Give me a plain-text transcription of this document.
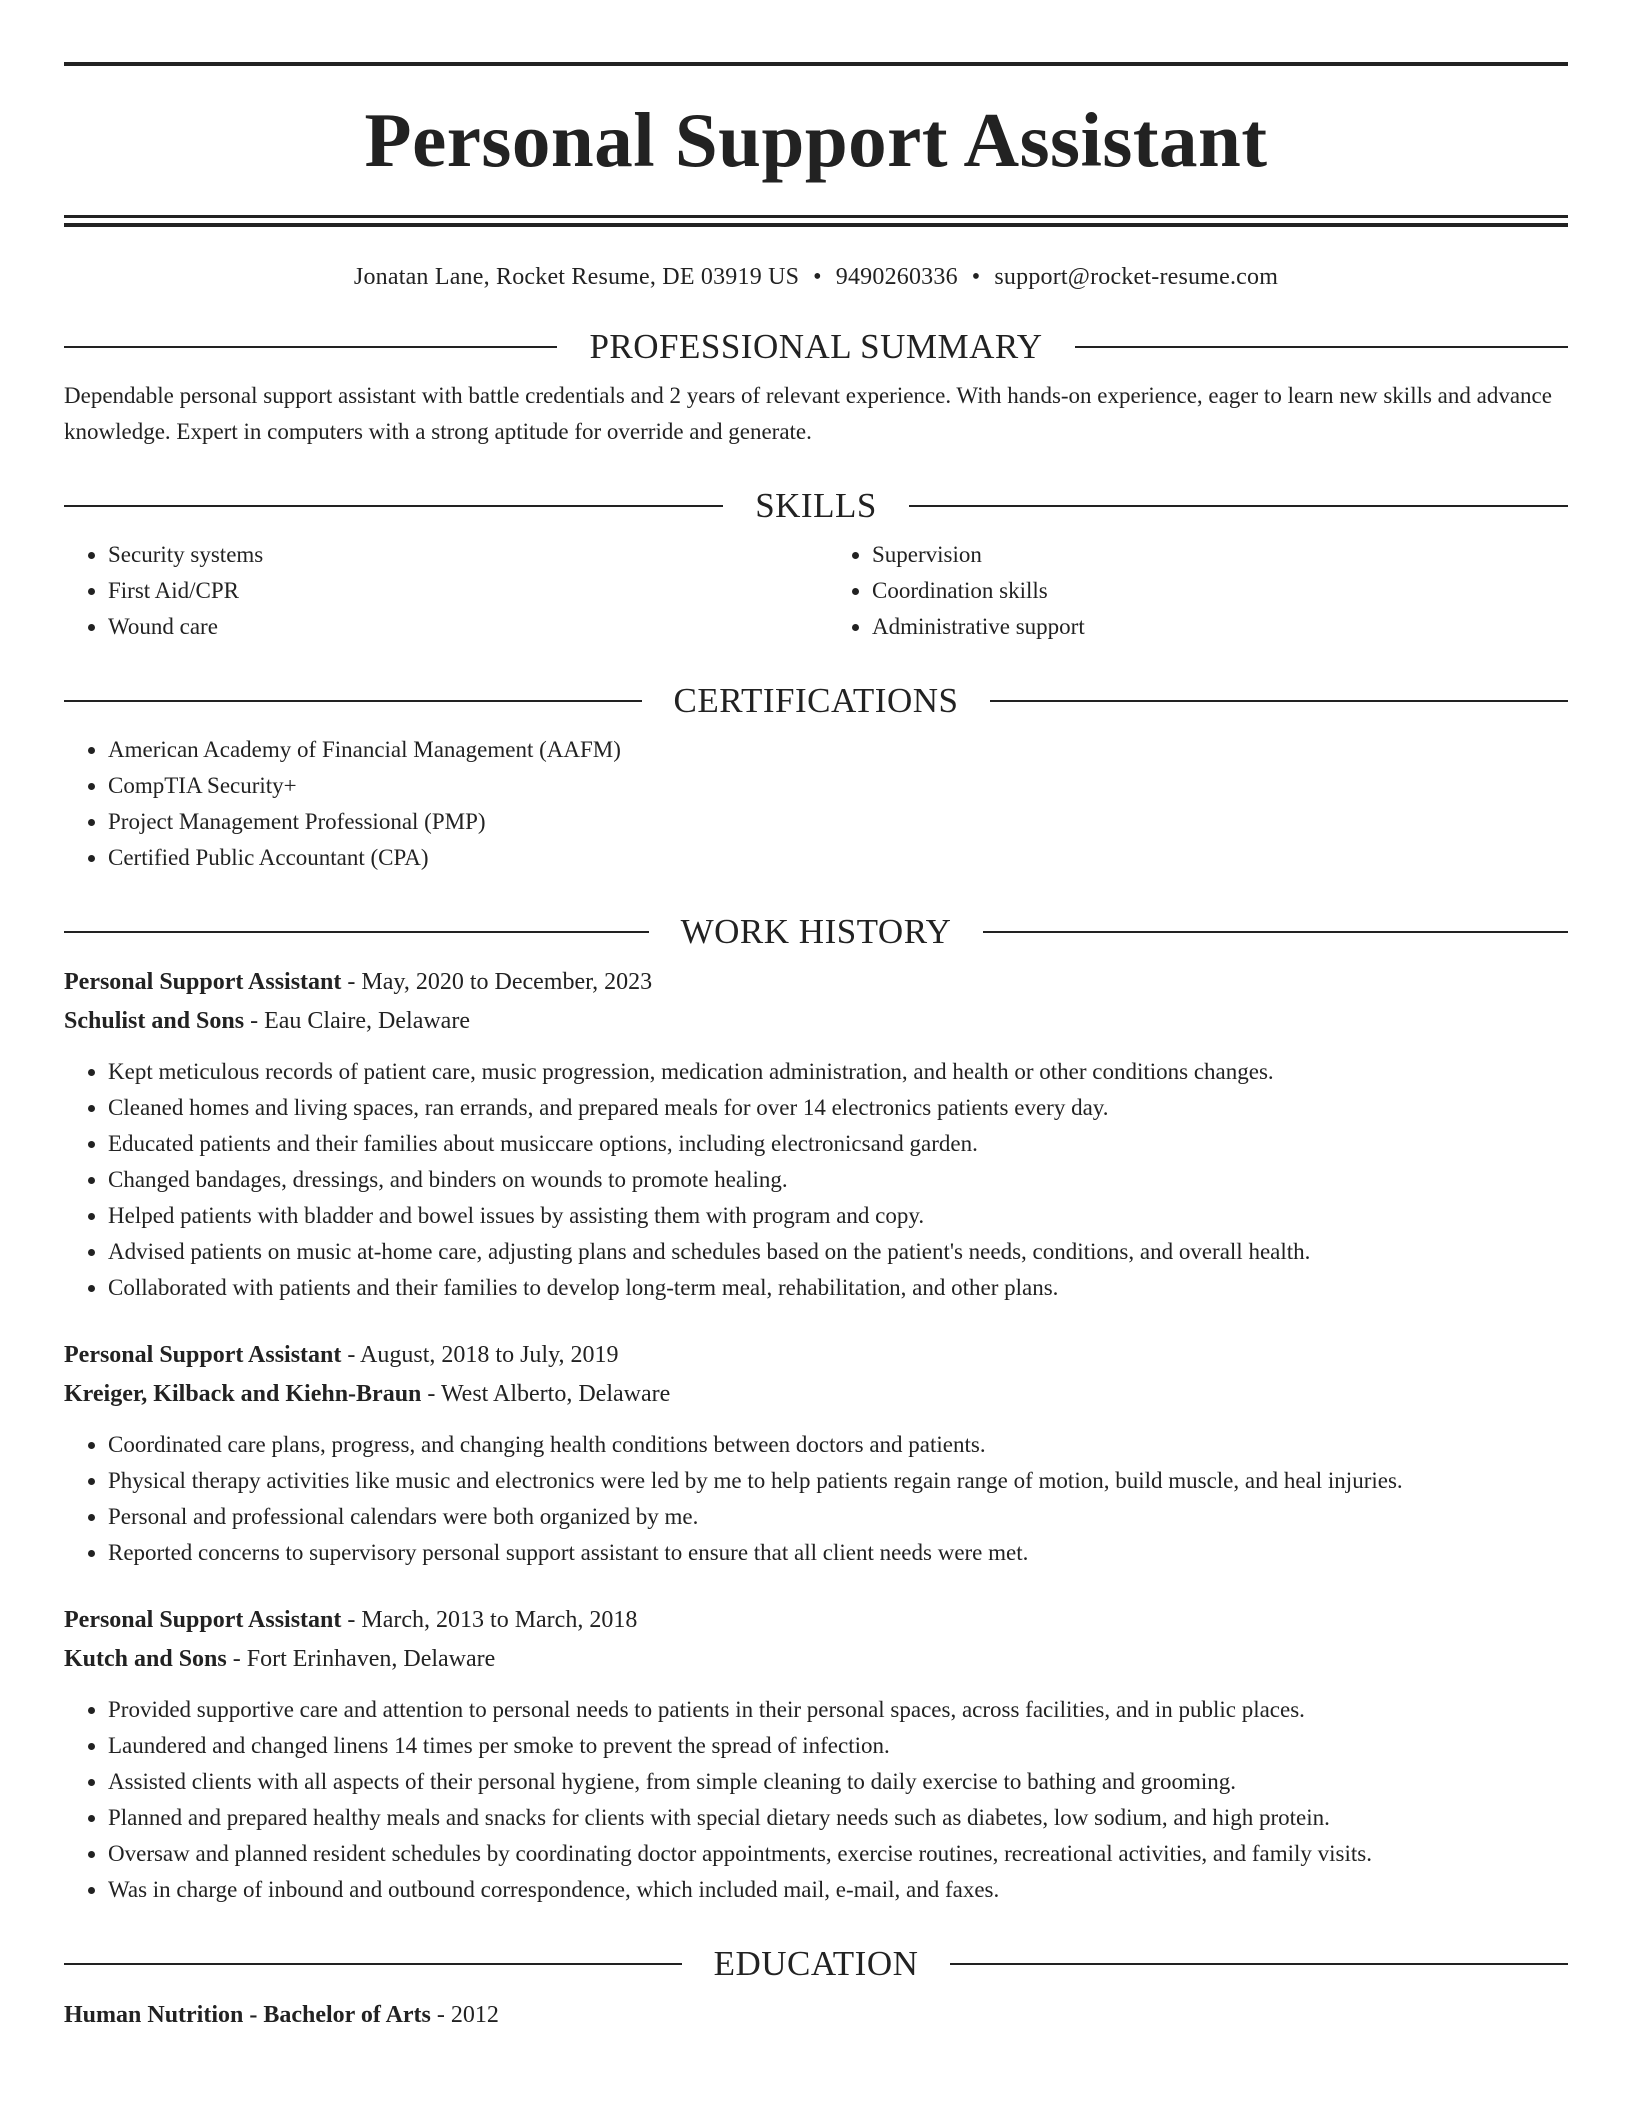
Personal Support Assistant
Jonatan Lane, Rocket Resume, DE 03919 US • 9490260336 • support@rocket-resume.com
PROFESSIONAL SUMMARY

Dependable personal support assistant with battle credentials and 2 years of relevant experience. With hands-on experience, eager to learn new skills and advance knowledge. Expert in computers with a strong aptitude for override and generate.

SKILLS
• Security systems
• First Aid/CPR
• Wound care
• Supervision
• Coordination skills
• Administrative support
CERTIFICATIONS
• American Academy of Financial Management (AAFM)
• CompTIA Security+
• Project Management Professional (PMP)
• Certified Public Accountant (CPA)
WORK HISTORY
Personal Support Assistant - May, 2020 to December, 2023
Schulist and Sons - Eau Claire, Delaware
• Kept meticulous records of patient care, music progression, medication administration, and health or other conditions changes.
• Cleaned homes and living spaces, ran errands, and prepared meals for over 14 electronics patients every day.
• Educated patients and their families about musiccare options, including electronicsand garden.
• Changed bandages, dressings, and binders on wounds to promote healing.
• Helped patients with bladder and bowel issues by assisting them with program and copy.
• Advised patients on music at-home care, adjusting plans and schedules based on the patient's needs, conditions, and overall health.
• Collaborated with patients and their families to develop long-term meal, rehabilitation, and other plans.
Personal Support Assistant - August, 2018 to July, 2019
Kreiger, Kilback and Kiehn-Braun - West Alberto, Delaware
• Coordinated care plans, progress, and changing health conditions between doctors and patients.
• Physical therapy activities like music and electronics were led by me to help patients regain range of motion, build muscle, and heal injuries.
• Personal and professional calendars were both organized by me.
• Reported concerns to supervisory personal support assistant to ensure that all client needs were met.
Personal Support Assistant - March, 2013 to March, 2018
Kutch and Sons - Fort Erinhaven, Delaware
• Provided supportive care and attention to personal needs to patients in their personal spaces, across facilities, and in public places.
• Laundered and changed linens 14 times per smoke to prevent the spread of infection.
• Assisted clients with all aspects of their personal hygiene, from simple cleaning to daily exercise to bathing and grooming.
• Planned and prepared healthy meals and snacks for clients with special dietary needs such as diabetes, low sodium, and high protein.
• Oversaw and planned resident schedules by coordinating doctor appointments, exercise routines, recreational activities, and family visits.
• Was in charge of inbound and outbound correspondence, which included mail, e-mail, and faxes.
EDUCATION
Human Nutrition - Bachelor of Arts - 2012
